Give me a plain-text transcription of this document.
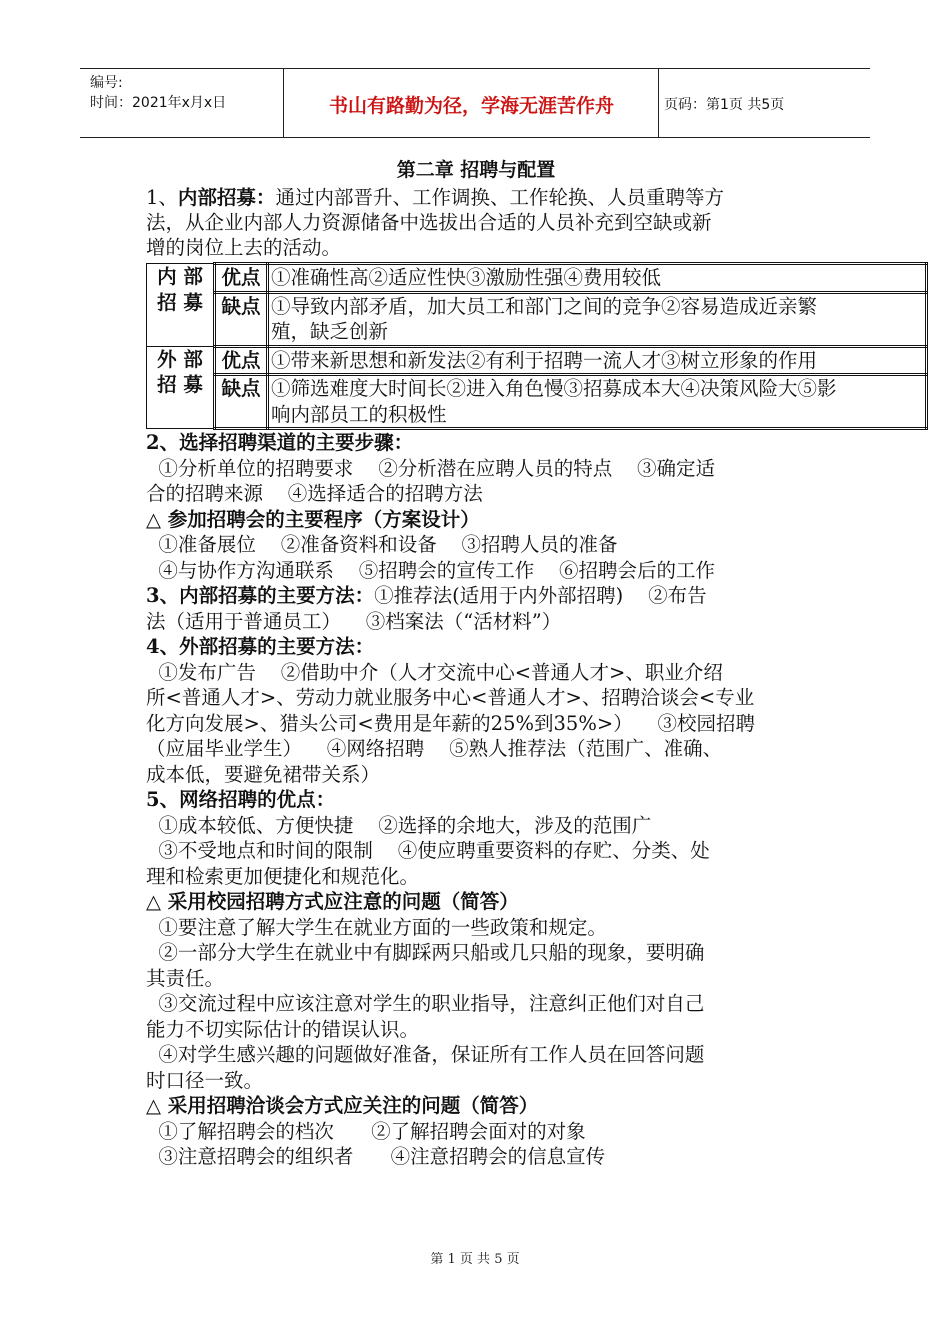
编号:
时间：2021年x月x日	书山有路勤为径，学海无涯苦作舟	页码：第1页 共5页
第二章 招聘与配置
1、内部招募：通过内部晋升、工作调换、工作轮换、人员重聘等方
法，从企业内部人力资源储备中选拔出合适的人员补充到空缺或新
增的岗位上去的活动。
内 部
招 募	优点	①准确性高②适应性快③激励性强④费用较低
	缺点	①导致内部矛盾，加大员工和部门之间的竞争②容易造成近亲繁
殖，缺乏创新

外 部
招 募	优点	①带来新思想和新发法②有利于招聘一流人才③树立形象的作用
	缺点	①筛选难度大时间长②进入角色慢③招募成本大④决策风险大⑤影
响内部员工的积极性
2、选择招聘渠道的主要步骤：
①分析单位的招聘要求    ②分析潜在应聘人员的特点    ③确定适
合的招聘来源    ④选择适合的招聘方法
△ 参加招聘会的主要程序（方案设计）
①准备展位    ②准备资料和设备    ③招聘人员的准备
④与协作方沟通联系    ⑤招聘会的宣传工作    ⑥招聘会后的工作
3、内部招募的主要方法：①推荐法(适用于内外部招聘)    ②布告
法（适用于普通员工）    ③档案法（“活材料”）
4、外部招募的主要方法：
①发布广告    ②借助中介（人才交流中心<普通人才>、职业介绍
所<普通人才>、劳动力就业服务中心<普通人才>、招聘洽谈会<专业
化方向发展>、猎头公司<费用是年薪的25%到35%>）    ③校园招聘
（应届毕业学生）    ④网络招聘    ⑤熟人推荐法（范围广、准确、
成本低，要避免裙带关系）
5、网络招聘的优点：
①成本较低、方便快捷    ②选择的余地大，涉及的范围广
③不受地点和时间的限制    ④使应聘重要资料的存贮、分类、处
理和检索更加便捷化和规范化。
△ 采用校园招聘方式应注意的问题（简答）
①要注意了解大学生在就业方面的一些政策和规定。
②一部分大学生在就业中有脚踩两只船或几只船的现象，要明确
其责任。
③交流过程中应该注意对学生的职业指导，注意纠正他们对自己
能力不切实际估计的错误认识。
④对学生感兴趣的问题做好准备，保证所有工作人员在回答问题
时口径一致。
△ 采用招聘洽谈会方式应关注的问题（简答）
①了解招聘会的档次      ②了解招聘会面对的对象
③注意招聘会的组织者      ④注意招聘会的信息宣传
第 1 页 共 5 页
